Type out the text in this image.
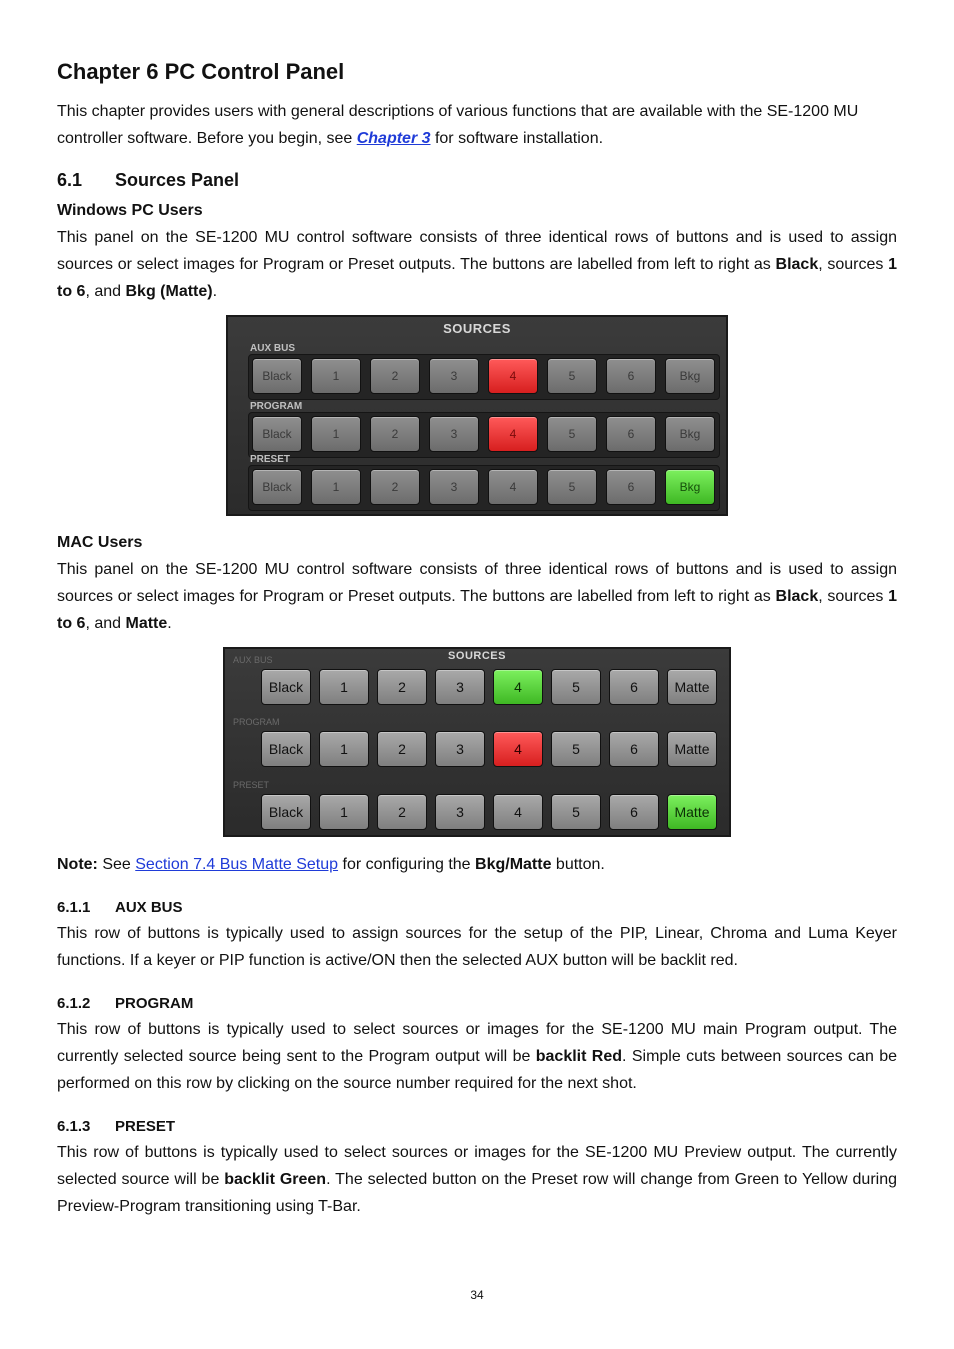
Chapter 6 PC Control Panel

This chapter provides users with general descriptions of various functions that are available with the SE-1200 MU controller software. Before you begin, see Chapter 3 for software installation.

6.1 Sources Panel
Windows PC Users

This panel on the SE-1200 MU control software consists of three identical rows of buttons and is used to assign sources or select images for Program or Preset outputs. The buttons are labelled from left to right as Black, sources 1 to 6, and Bkg (Matte).

SOURCES
AUX BUS
Black	1	2	3	4	5	6	Bkg
PROGRAM
Black	1	2	3	4	5	6	Bkg
PRESET
Black	1	2	3	4	5	6	Bkg
MAC Users

This panel on the SE-1200 MU control software consists of three identical rows of buttons and is used to assign sources or select images for Program or Preset outputs. The buttons are labelled from left to right as Black, sources 1 to 6, and Matte.

SOURCES
AUX BUS
Black	1	2	3	4	5	6	Matte
PROGRAM
Black	1	2	3	4	5	6	Matte
PRESET
Black	1	2	3	4	5	6	Matte

Note: See Section 7.4 Bus Matte Setup for configuring the Bkg/Matte button.

6.1.1 AUX BUS

This row of buttons is typically used to assign sources for the setup of the PIP, Linear, Chroma and Luma Keyer functions. If a keyer or PIP function is active/ON then the selected AUX button will be backlit red.

6.1.2 PROGRAM

This row of buttons is typically used to select sources or images for the SE-1200 MU main Program output. The currently selected source being sent to the Program output will be backlit Red. Simple cuts between sources can be performed on this row by clicking on the source number required for the next shot.

6.1.3 PRESET

This row of buttons is typically used to select sources or images for the SE-1200 MU Preview output. The currently selected source will be backlit Green. The selected button on the Preset row will change from Green to Yellow during Preview-Program transitioning using T-Bar.

34
